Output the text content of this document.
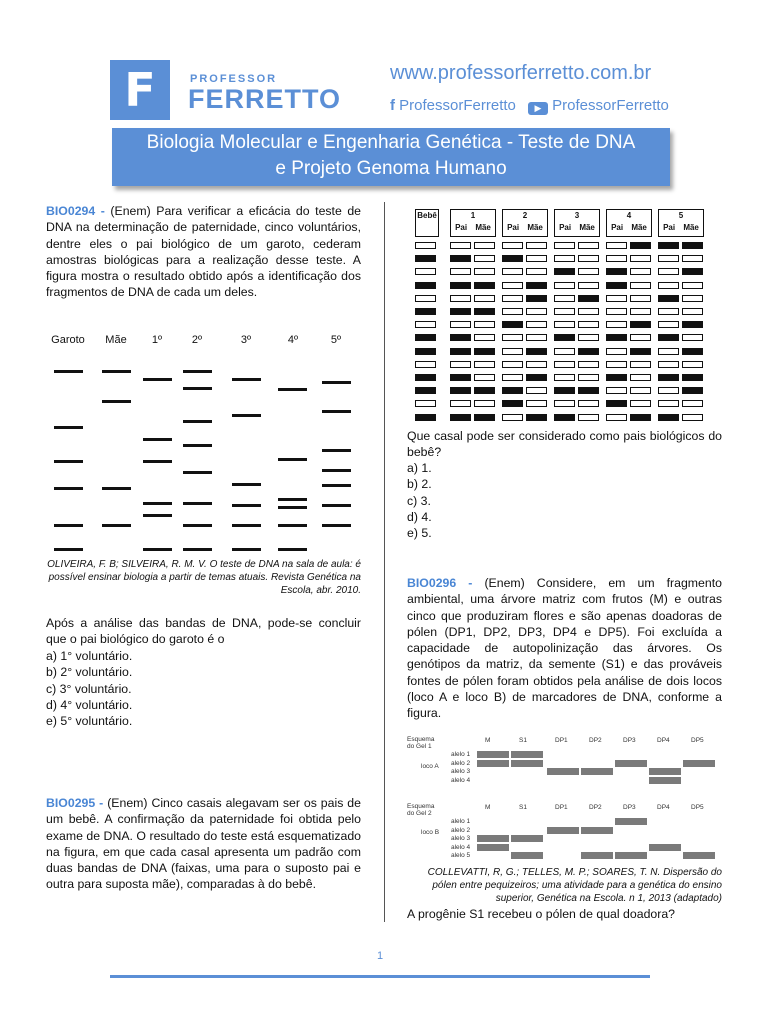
F	PROFESSOR
FERRETTO
www.professorferretto.com.br
f ProfessorFerretto	▶ ProfessorFerretto
Biologia Molecular e Engenharia Genética - Teste de DNA
e Projeto Genoma Humano
BIO0294 - (Enem) Para verificar a eficácia do teste de DNA na determinação de paternidade, cinco voluntários, dentre eles o pai biológico de um garoto, cederam amostras biológicas para a realização desse teste. A figura mostra o resultado obtido após a identificação dos fragmentos de DNA de cada um deles.
Garoto	Mãe	1º	2º	3º	4º	5º
OLIVEIRA, F. B; SILVEIRA, R. M. V. O teste de DNA na sala de aula: é possível ensinar biologia a partir de temas atuais. Revista Genética na Escola, abr. 2010.
Após a análise das bandas de DNA, pode-se concluir que o pai biológico do garoto é o
a) 1° voluntário.
b) 2° voluntário.
c) 3° voluntário.
d) 4° voluntário.
e) 5° voluntário.
BIO0295 - (Enem) Cinco casais alegavam ser os pais de um bebê. A confirmação da paternidade foi obtida pelo exame de DNA. O resultado do teste está esquematizado na figura, em que cada casal apresenta um padrão com duas bandas de DNA (faixas, uma para o suposto pai e outra para suposta mãe), comparadas à do bebê.
Bebê	1
Pai Mãe
2
Pai Mãe
3
Pai Mãe
4
Pai Mãe
5
Pai Mãe
Que casal pode ser considerado como pais biológicos do bebê?
a) 1.
b) 2.
c) 3.
d) 4.
e) 5.
BIO0296 - (Enem) Considere, em um fragmento ambiental, uma árvore matriz com frutos (M) e outras cinco que produziram flores e são apenas doadoras de pólen (DP1, DP2, DP3, DP4 e DP5). Foi excluída a capacidade de autopolinização das árvores. Os genótipos da matriz, da semente (S1) e das prováveis fontes de pólen foram obtidos pela análise de dois locos (loco A e loco B) de marcadores de DNA, conforme a figura.
Esquema do Gel 1
Esquema do Gel 2
loco A
loco B
M	S1	DP1	DP2	DP3	DP4	DP5
M	S1	DP1	DP2	DP3	DP4	DP5
alelo 1
alelo 2
alelo 3
alelo 4
alelo 1
alelo 2
alelo 3
alelo 4
alelo 5
COLLEVATTI, R, G.; TELLES, M. P.; SOARES, T. N. Dispersão do pólen entre pequizeiros; uma atividade para a genética do ensino superior, Genética na Escola. n 1, 2013 (adaptado)
A progênie S1 recebeu o pólen de qual doadora?
1
